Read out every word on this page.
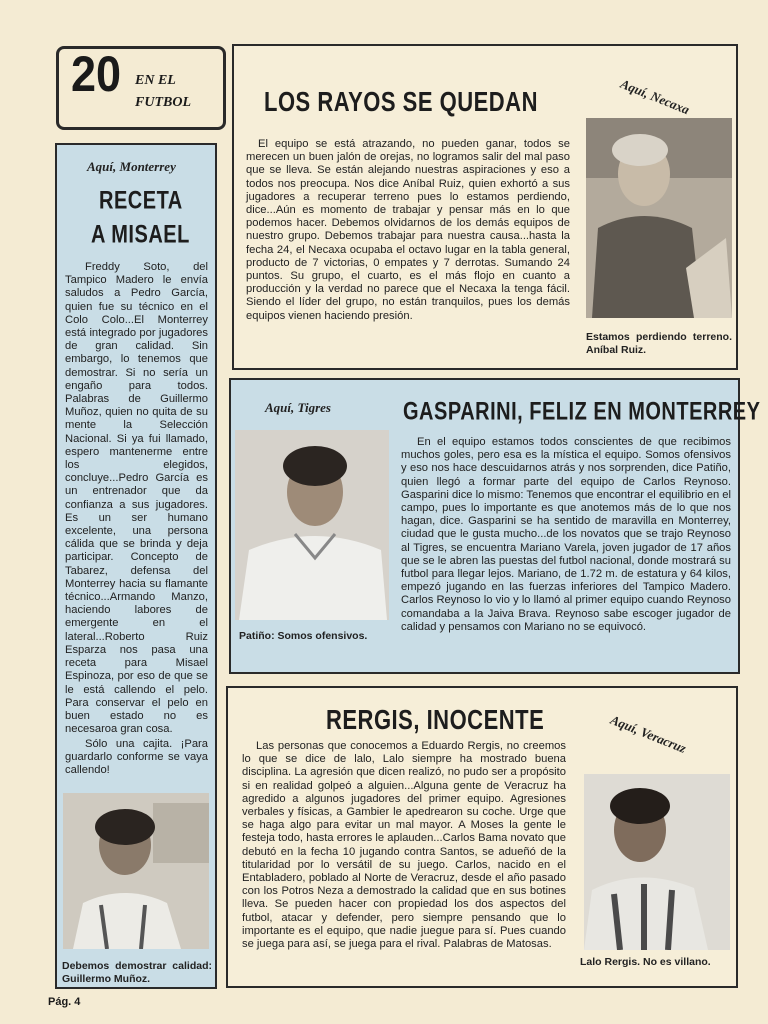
20 EN EL
FUTBOL
Aquí, Monterrey
RECETA
A MISAEL

Freddy Soto, del Tampico Madero le envía saludos a Pedro García, quien fue su técnico en el Colo Colo...El Monterrey está integrado por jugadores de gran calidad. Sin embargo, lo tenemos que demostrar. Si no sería un engaño para todos. Palabras de Guillermo Muñoz, quien no quita de su mente la Selección Nacional. Si ya fui llamado, espero mantenerme entre los elegidos, concluye...Pedro García es un entrenador que da confianza a sus jugadores. Es un ser humano excelente, una persona cálida que se brinda y deja participar. Concepto de Tabarez, defensa del Monterrey hacia su flamante técnico...Armando Manzo, haciendo labores de emergente en el lateral...Roberto Ruiz Esparza nos pasa una receta para Misael Espinoza, por eso de que se le está callendo el pelo. Para conservar el pelo en buen estado no es necesaroa gran cosa.

Sólo una cajita. ¡Para guardarlo conforme se vaya callendo!

Debemos demostrar calidad: Guillermo Muñoz.

LOS RAYOS SE QUEDAN	Aquí, Necaxa

El equipo se está atrazando, no pueden ganar, todos se merecen un buen jalón de orejas, no logramos salir del mal paso que se lleva. Se están alejando nuestras aspiraciones y eso a todos nos preocupa. Nos dice Aníbal Ruiz, quien exhortó a sus jugadores a recuperar terreno pues lo estamos perdiendo, dice...Aún es momento de trabajar y pensar más en lo que podemos hacer. Debemos olvidarnos de los demás equipos de nuestro grupo. Debemos trabajar para nuestra causa...hasta la fecha 24, el Necaxa ocupaba el octavo lugar en la tabla general, producto de 7 victorias, 0 empates y 7 derrotas. Sumando 24 puntos. Su grupo, el cuarto, es el más flojo en cuanto a producción y la verdad no parece que el Necaxa la tenga fácil. Siendo el líder del grupo, no están tranquilos, pues los demás equipos vienen haciendo presión.

Estamos perdiendo terreno. Aníbal Ruiz.

Aquí, Tigres	GASPARINI, FELIZ EN MONTERREY

Patiño: Somos ofensivos.

En el equipo estamos todos conscientes de que recibimos muchos goles, pero esa es la mística el equipo. Somos ofensivos y eso nos hace descuidarnos atrás y nos sorprenden, dice Patiño, quien llegó a formar parte del equipo de Carlos Reynoso. Gasparini dice lo mismo: Tenemos que encontrar el equilibrio en el campo, pues lo importante es que anotemos más de lo que nos hagan, dice. Gasparini se ha sentido de maravilla en Monterrey, ciudad que le gusta mucho...de los novatos que se trajo Reynoso al Tigres, se encuentra Mariano Varela, joven jugador de 17 años que se le abren las puestas del futbol nacional, donde mostrará su futbol para llegar lejos. Mariano, de 1.72 m. de estatura y 64 kilos, empezó jugando en las fuerzas inferiores del Tampico Madero. Carlos Reynoso lo vio y lo llamó al primer equipo cuando Reynoso comandaba a la Jaiva Brava. Reynoso sabe escoger jugador de calidad y pensamos con Mariano no se equivocó.

RERGIS, INOCENTE	Aquí, Veracruz

Las personas que conocemos a Eduardo Rergis, no creemos lo que se dice de lalo, Lalo siempre ha mostrado buena disciplina. La agresión que dicen realizó, no pudo ser a propósito si en realidad golpeó a alguien...Alguna gente de Veracruz ha agredido a algunos jugadores del primer equipo. Agresiones verbales y físicas, a Gambier le apedrearon su coche. Urge que se haga algo para evitar un mal mayor. A Moses la gente le festeja todo, hasta errores le aplauden...Carlos Bama novato que debutó en la fecha 10 jugando contra Santos, se adueñó de la titularidad por lo versátil de su juego. Carlos, nacido en el Entabladero, poblado al Norte de Veracruz, desde el año pasado con los Potros Neza a demostrado la calidad que en sus botines lleva. Se pueden hacer con propiedad los dos aspectos del futbol, atacar y defender, pero siempre pensando que lo importante es el equipo, que nadie juegue para sí. Pues cuando se juega para así, se juega para el rival. Palabras de Matosas.

Lalo Rergis. No es villano.

Pág. 4
